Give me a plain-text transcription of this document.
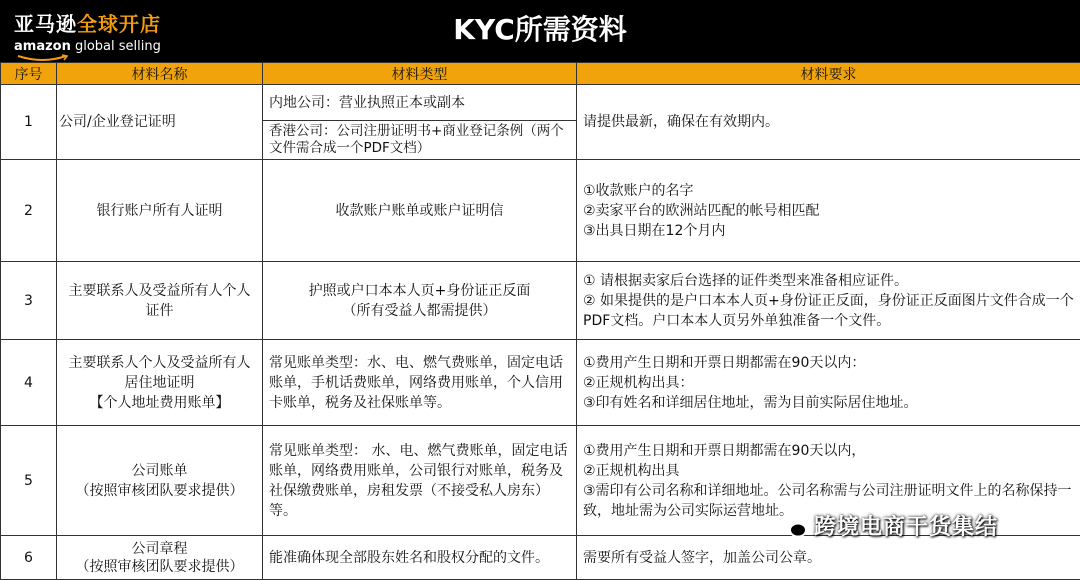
亚马逊全球开店
amazon global selling
KYC所需资料
序号	材料名称	材料类型	材料要求
1	公司/企业登记证明	内地公司：营业执照正本或副本	请提供最新，确保在有效期内。
		香港公司：公司注册证明书+商业登记条例（两个文件需合成一个PDF文档）	
2	银行账户所有人证明	收款账户账单或账户证明信	①收款账户的名字
②卖家平台的欧洲站匹配的帐号相匹配
③出具日期在12个月内
3	主要联系人及受益所有人个人证件	护照或户口本本人页+身份证正反面
（所有受益人都需提供）	① 请根据卖家后台选择的证件类型来准备相应证件。
② 如果提供的是户口本本人页+身份证正反面，身份证正反面图片文件合成一个PDF文档。户口本本人页另外单独准备一个文件。
4	主要联系人个人及受益所有人居住地证明
【个人地址费用账单】	常见账单类型：水、电、燃气费账单，固定电话账单，手机话费账单，网络费用账单，个人信用卡账单，税务及社保账单等。	①费用产生日期和开票日期都需在90天以内：
②正规机构出具：
③印有姓名和详细居住地址，需为目前实际居住地址。
5	公司账单
（按照审核团队要求提供）	常见账单类型： 水、电、燃气费账单，固定电话账单，网络费用账单，公司银行对账单，税务及社保缴费账单，房租发票（不接受私人房东）等。	①费用产生日期和开票日期都需在90天以内，
②正规机构出具
③需印有公司名称和详细地址。公司名称需与公司注册证明文件上的名称保持一致，地址需为公司实际运营地址。
6	公司章程
（按照审核团队要求提供）	能准确体现全部股东姓名和股权分配的文件。	需要所有受益人签字，加盖公司公章。
跨境电商干货集结
